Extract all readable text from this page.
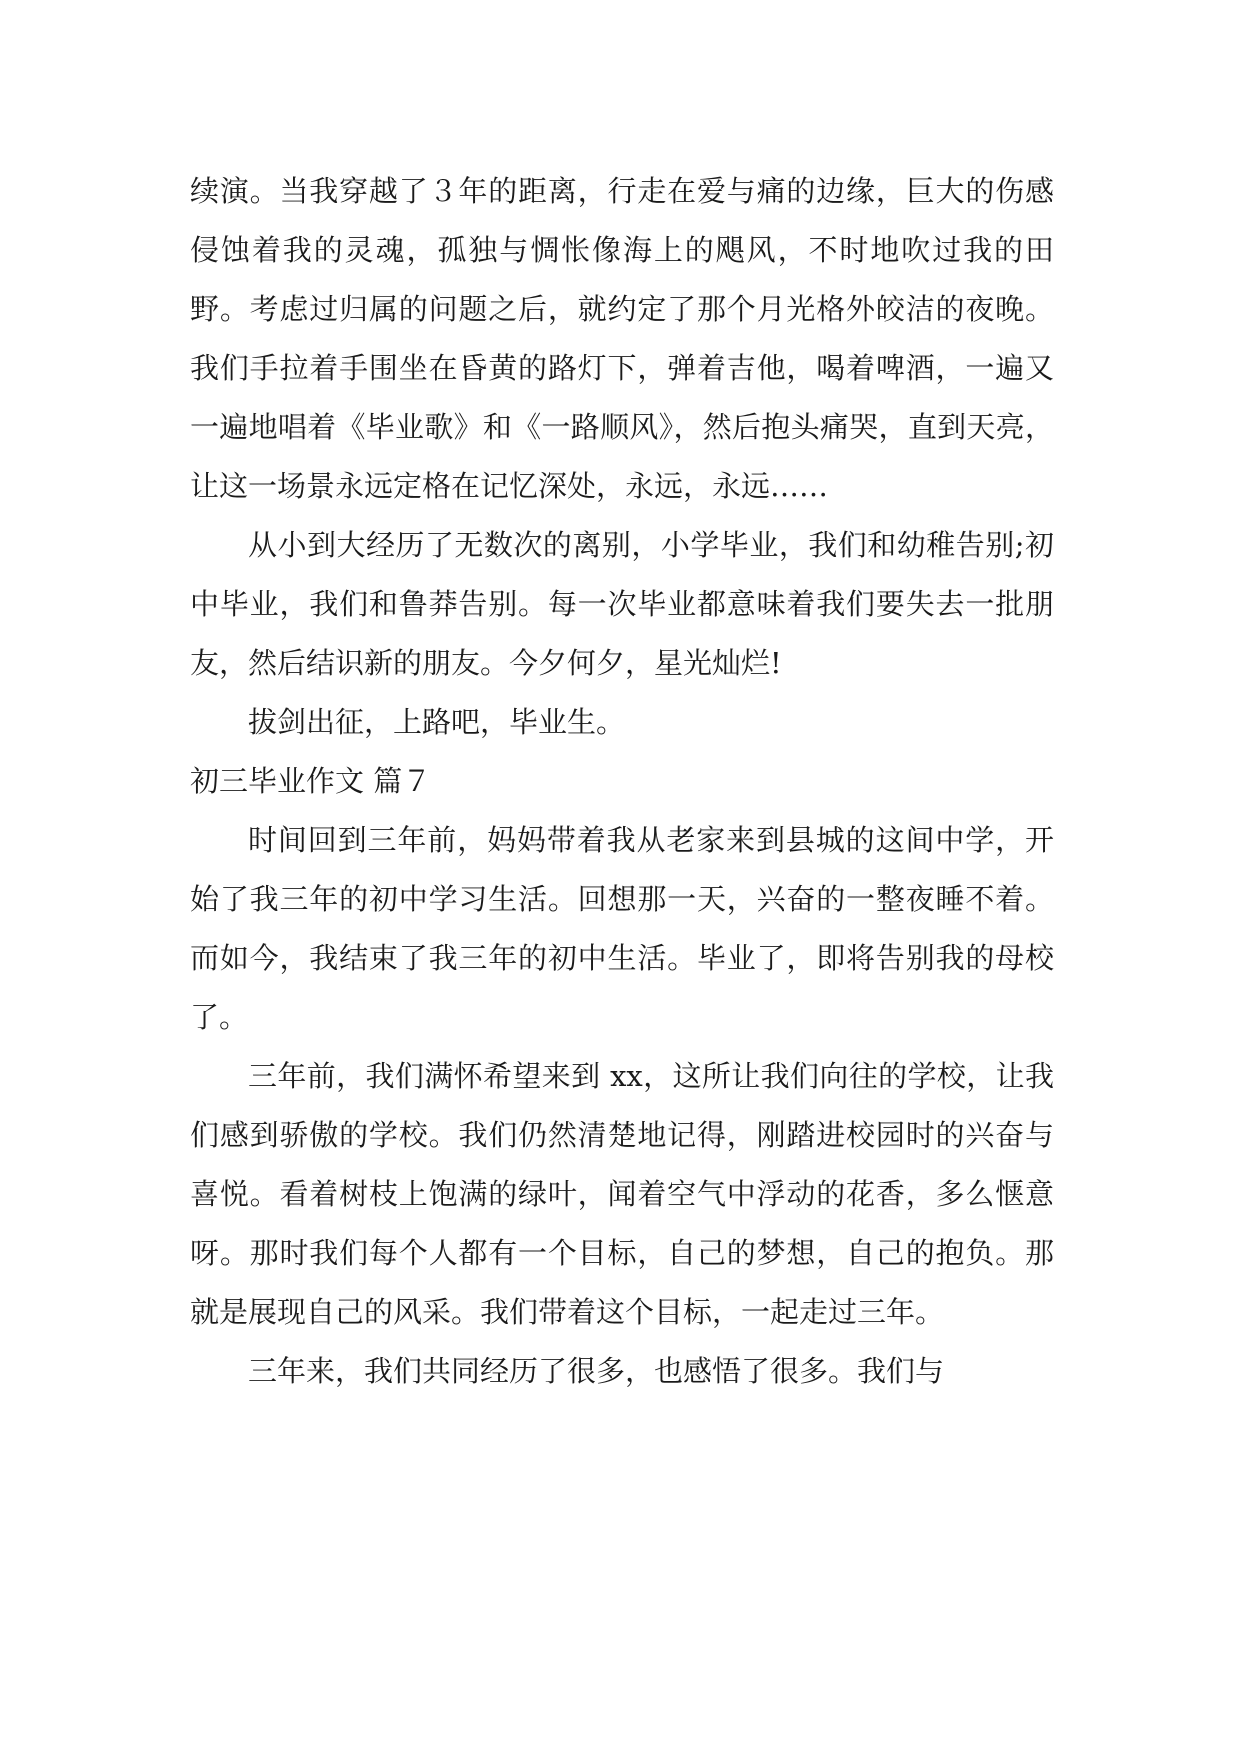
续演。当我穿越了３年的距离，行走在爱与痛的边缘，巨大的伤感侵蚀着我的灵魂，孤独与惆怅像海上的飓风，不时地吹过我的田野。考虑过归属的问题之后，就约定了那个月光格外皎洁的夜晚。我们手拉着手围坐在昏黄的路灯下，弹着吉他，喝着啤酒，一遍又一遍地唱着《毕业歌》和《一路顺风》，然后抱头痛哭，直到天亮，让这一场景永远定格在记忆深处，永远，永远……

从小到大经历了无数次的离别，小学毕业，我们和幼稚告别;初中毕业，我们和鲁莽告别。每一次毕业都意味着我们要失去一批朋友，然后结识新的朋友。今夕何夕，星光灿烂!

拔剑出征，上路吧，毕业生。

初三毕业作文 篇７

时间回到三年前，妈妈带着我从老家来到县城的这间中学，开始了我三年的初中学习生活。回想那一天，兴奋的一整夜睡不着。而如今，我结束了我三年的初中生活。毕业了，即将告别我的母校了。

三年前，我们满怀希望来到 xx，这所让我们向往的学校，让我们感到骄傲的学校。我们仍然清楚地记得，刚踏进校园时的兴奋与喜悦。看着树枝上饱满的绿叶，闻着空气中浮动的花香，多么惬意呀。那时我们每个人都有一个目标，自己的梦想，自己的抱负。那就是展现自己的风采。我们带着这个目标，一起走过三年。

三年来，我们共同经历了很多，也感悟了很多。我们与
